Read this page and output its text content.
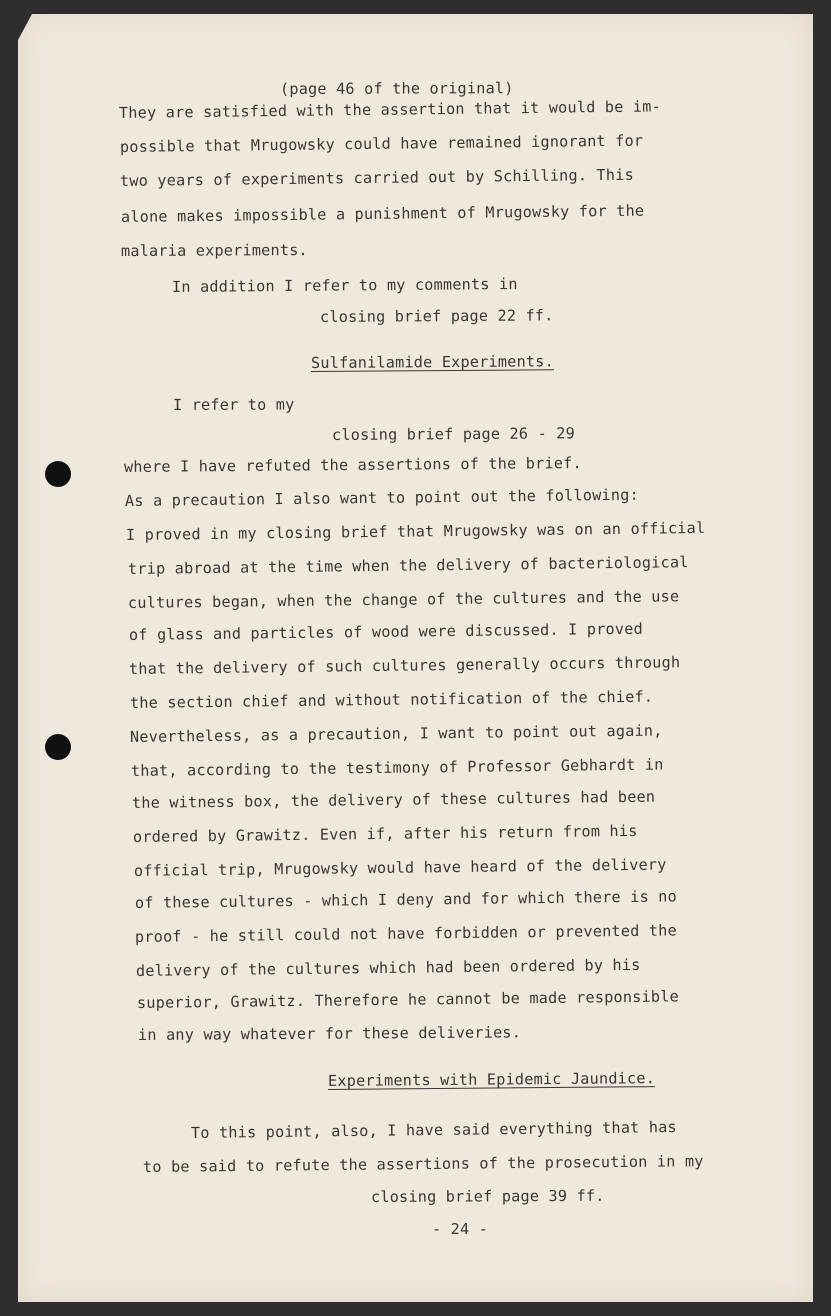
(page 46 of the original)
They are satisfied with the assertion that it would be im-
possible that Mrugowsky could have remained ignorant for
two years of experiments carried out by Schilling. This
alone makes impossible a punishment of Mrugowsky for the
malaria experiments.
In addition I refer to my comments in
closing brief page 22 ff.
Sulfanilamide Experiments.
I refer to my
closing brief page 26 - 29
where I have refuted the assertions of the brief.
As a precaution I also want to point out the following:
I proved in my closing brief that Mrugowsky was on an official
trip abroad at the time when the delivery of bacteriological
cultures began, when the change of the cultures and the use
of glass and particles of wood were discussed. I proved
that the delivery of such cultures generally occurs through
the section chief and without notification of the chief.
Nevertheless, as a precaution, I want to point out again,
that, according to the testimony of Professor Gebhardt in
the witness box, the delivery of these cultures had been
ordered by Grawitz. Even if, after his return from his
official trip, Mrugowsky would have heard of the delivery
of these cultures - which I deny and for which there is no
proof - he still could not have forbidden or prevented the
delivery of the cultures which had been ordered by his
superior, Grawitz. Therefore he cannot be made responsible
in any way whatever for these deliveries.
Experiments with Epidemic Jaundice.
To this point, also, I have said everything that has
to be said to refute the assertions of the prosecution in my
closing brief page 39 ff.
- 24 -
